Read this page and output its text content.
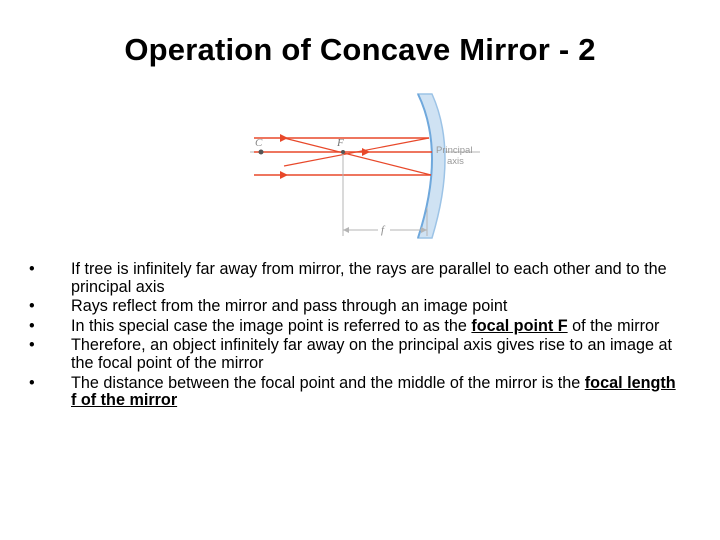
Operation of Concave Mirror - 2
C	F
Principal
axis
f
• If tree is infinitely far away from mirror, the rays are parallel to each other and to the principal axis
• Rays reflect from the mirror and pass through an image point
• In this special case the image point is referred to as the focal point F of the mirror
• Therefore, an object infinitely far away on the principal axis gives rise to an image at the focal point of the mirror
• The distance between the focal point and the middle of the mirror is the focal length f of the mirror
